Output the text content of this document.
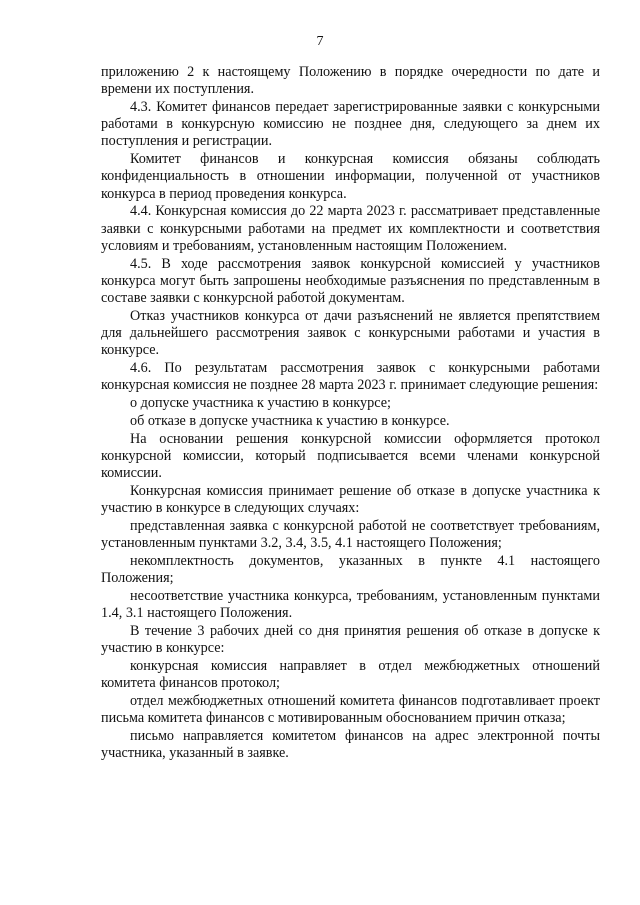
7

приложению 2 к настоящему Положению в порядке очередности по дате и времени их поступления.

4.3. Комитет финансов передает зарегистрированные заявки с конкурсными работами в конкурсную комиссию не позднее дня, следующего за днем их поступления и регистрации.

Комитет финансов и конкурсная комиссия обязаны соблюдать конфиденциальность в отношении информации, полученной от участников конкурса в период проведения конкурса.

4.4. Конкурсная комиссия до 22 марта 2023 г. рассматривает представленные заявки с конкурсными работами на предмет их комплектности и соответствия условиям и требованиям, установленным настоящим Положением.

4.5. В ходе рассмотрения заявок конкурсной комиссией у участников конкурса могут быть запрошены необходимые разъяснения по представленным в составе заявки с конкурсной работой документам.

Отказ участников конкурса от дачи разъяснений не является препятствием для дальнейшего рассмотрения заявок с конкурсными работами и участия в конкурсе.

4.6. По результатам рассмотрения заявок с конкурсными работами конкурсная комиссия не позднее 28 марта 2023 г. принимает следующие решения:

о допуске участника к участию в конкурсе;

об отказе в допуске участника к участию в конкурсе.

На основании решения конкурсной комиссии оформляется протокол конкурсной комиссии, который подписывается всеми членами конкурсной комиссии.

Конкурсная комиссия принимает решение об отказе в допуске участника к участию в конкурсе в следующих случаях:

представленная заявка с конкурсной работой не соответствует требованиям, установленным пунктами 3.2, 3.4, 3.5, 4.1 настоящего Положения;

некомплектность документов, указанных в пункте 4.1 настоящего Положения;

несоответствие участника конкурса, требованиям, установленным пунктами 1.4, 3.1 настоящего Положения.

В течение 3 рабочих дней со дня принятия решения об отказе в допуске к участию в конкурсе:

конкурсная комиссия направляет в отдел межбюджетных отношений комитета финансов протокол;

отдел межбюджетных отношений комитета финансов подготавливает проект письма комитета финансов с мотивированным обоснованием причин отказа;

письмо направляется комитетом финансов на адрес электронной почты участника, указанный в заявке.
